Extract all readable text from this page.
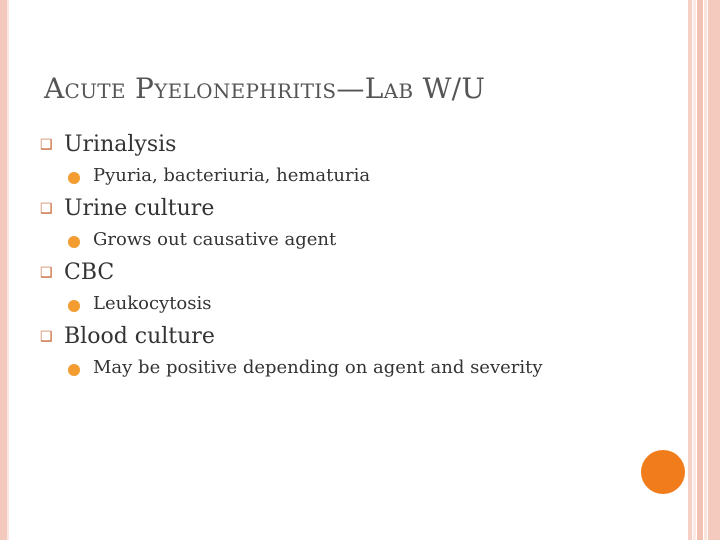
Acute Pyelonephritis—Lab W/U
❑ Urinalysis
Pyuria, bacteriuria, hematuria
❑ Urine culture
Grows out causative agent
❑ CBC
Leukocytosis
❑ Blood culture
May be positive depending on agent and severity
